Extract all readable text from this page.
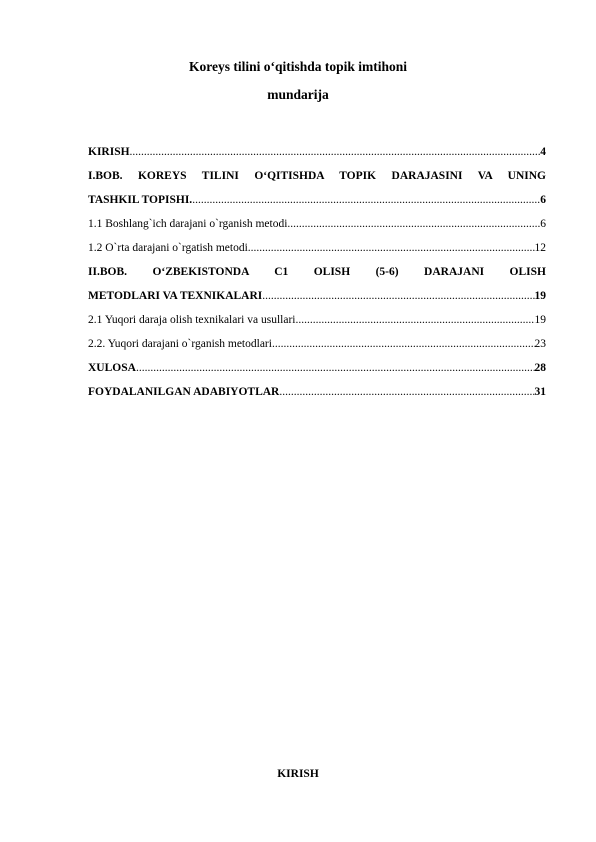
Koreys tilini o‘qitishda topik imtihoni
mundarija
KIRISH .....	4
I.BOB. KOREYS TILINI O‘QITISHDA TOPIK DARAJASINI VA UNING
TASHKIL TOPISHI. .....	6
1.1 Boshlang`ich darajani o`rganish metodi .....	6
1.2 O`rta darajani o`rgatish metodi .....	12
II.BOB. O‘ZBEKISTONDA C1 OLISH (5-6) DARAJANI OLISH
METODLARI VA TEXNIKALARI .....	19
2.1 Yuqori daraja olish texnikalari va usullari .....	19
2.2. Yuqori darajani o`rganish metodlari .....	23
XULOSA .....	28
FOYDALANILGAN ADABIYOTLAR .....	31
KIRISH
